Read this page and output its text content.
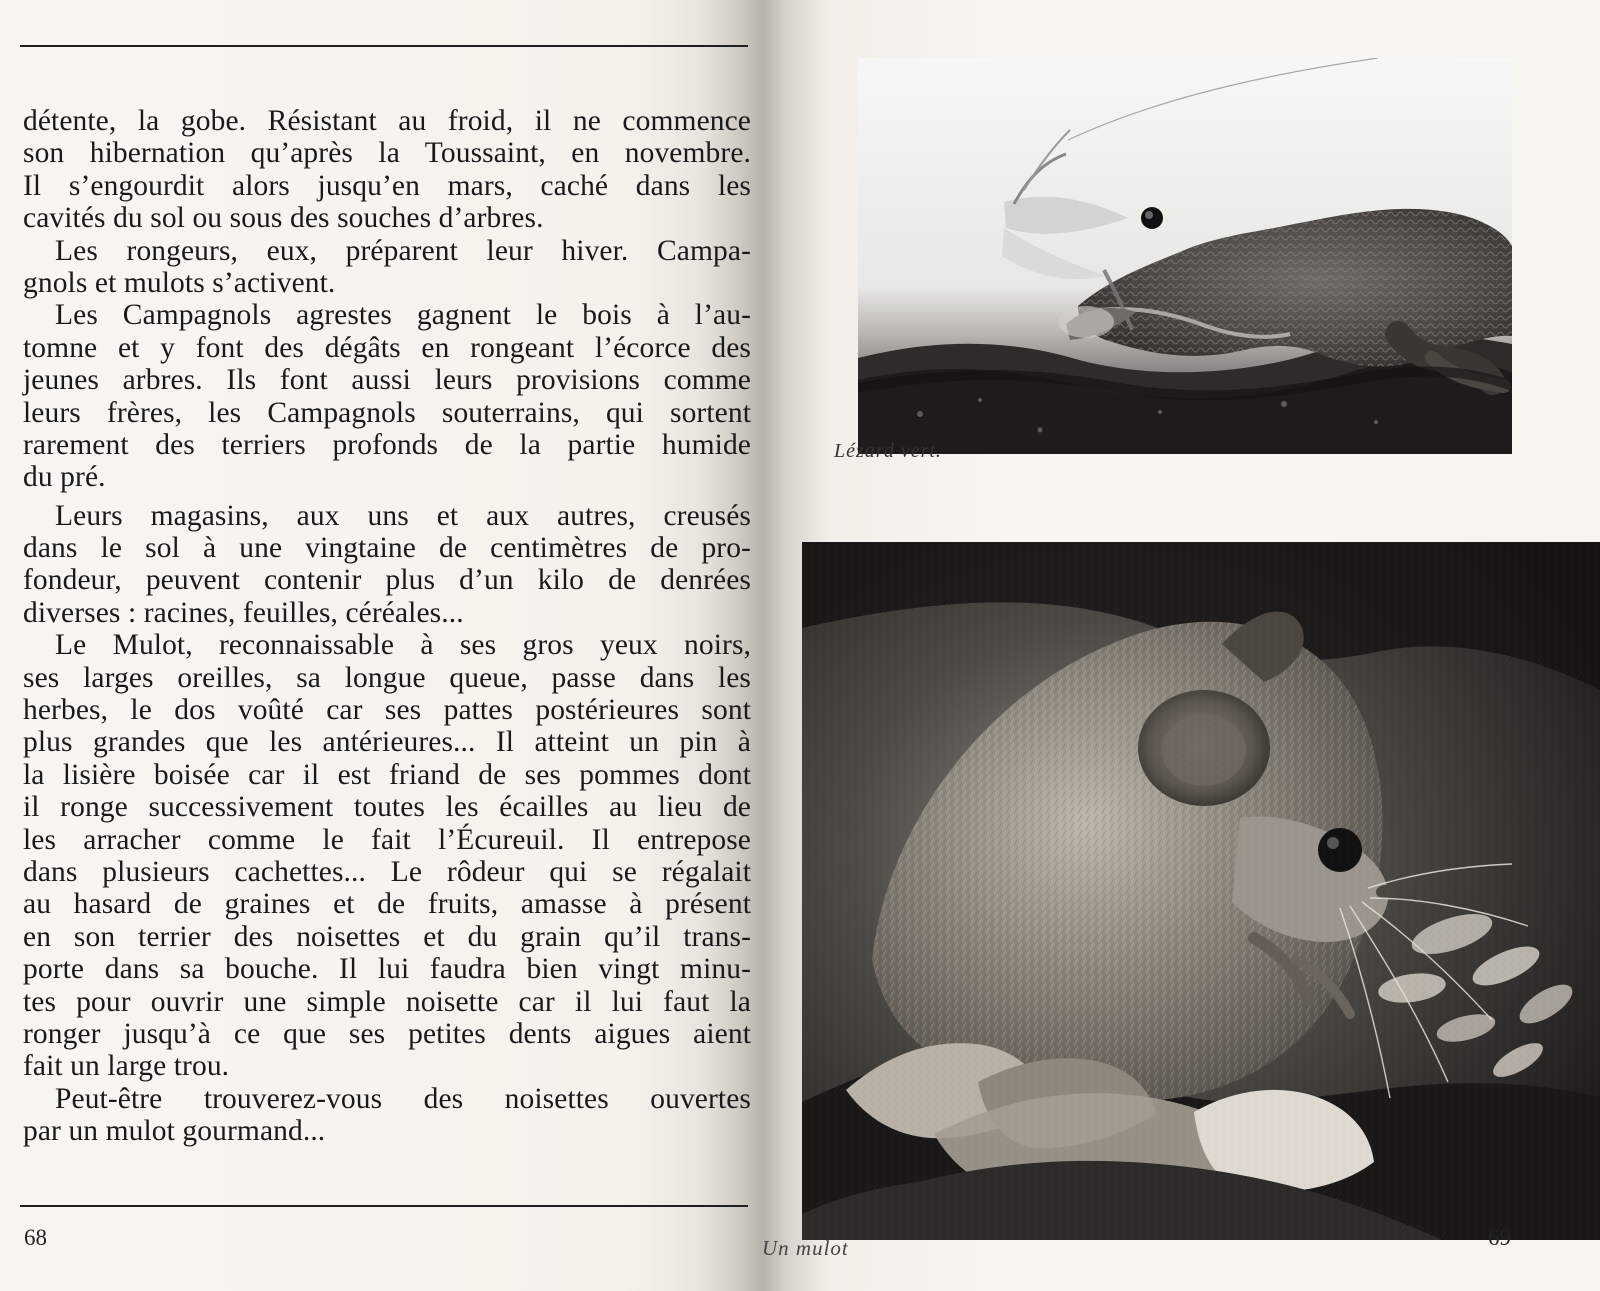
détente, la gobe. Résistant au froid, il ne commence
son hibernation qu’après la Toussaint, en novembre.
Il s’engourdit alors jusqu’en mars, caché dans les
cavités du sol ou sous des souches d’arbres.

Les rongeurs, eux, préparent leur hiver. Campa-
gnols et mulots s’activent.

Les Campagnols agrestes gagnent le bois à l’au-
tomne et y font des dégâts en rongeant l’écorce des
jeunes arbres. Ils font aussi leurs provisions comme
leurs frères, les Campagnols souterrains, qui sortent
rarement des terriers profonds de la partie humide
du pré.

Leurs magasins, aux uns et aux autres, creusés
dans le sol à une vingtaine de centimètres de pro-
fondeur, peuvent contenir plus d’un kilo de denrées
diverses : racines, feuilles, céréales...

Le Mulot, reconnaissable à ses gros yeux noirs,
ses larges oreilles, sa longue queue, passe dans les
herbes, le dos voûté car ses pattes postérieures sont
plus grandes que les antérieures... Il atteint un pin à
la lisière boisée car il est friand de ses pommes dont
il ronge successivement toutes les écailles au lieu de
les arracher comme le fait l’Écureuil. Il entrepose
dans plusieurs cachettes... Le rôdeur qui se régalait
au hasard de graines et de fruits, amasse à présent
en son terrier des noisettes et du grain qu’il trans-
porte dans sa bouche. Il lui faudra bien vingt minu-
tes pour ouvrir une simple noisette car il lui faut la
ronger jusqu’à ce que ses petites dents aigues aient
fait un large trou.

Peut-être trouverez-vous des noisettes ouvertes
par un mulot gourmand...

68
Lézard vert.
Un mulot	69
